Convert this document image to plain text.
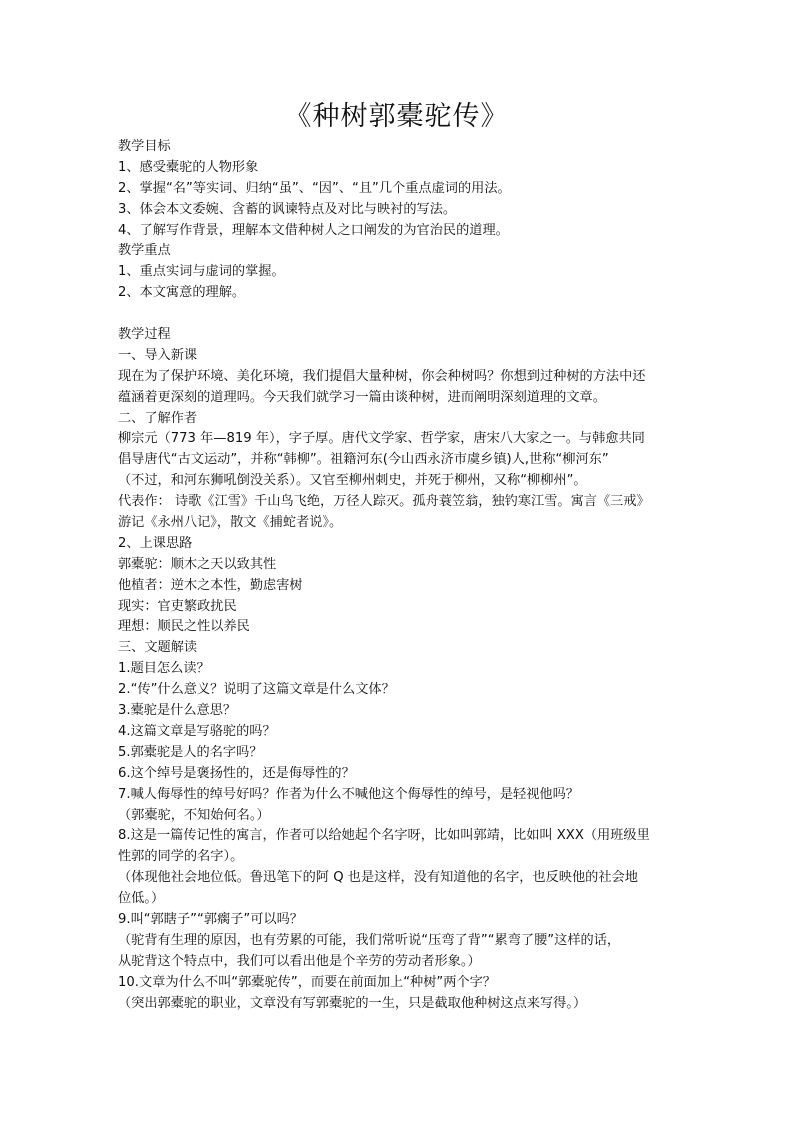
《种树郭橐驼传》
教学目标
1、感受橐驼的人物形象
2、掌握“名”等实词、归纳“虽”、“因”、“且”几个重点虚词的用法。
3、体会本文委婉、含蓄的讽谏特点及对比与映衬的写法。
4、了解写作背景，理解本文借种树人之口阐发的为官治民的道理。
教学重点
1、重点实词与虚词的掌握。
2、本文寓意的理解。
教学过程
一、导入新课
现在为了保护环境、美化环境，我们提倡大量种树，你会种树吗？你想到过种树的方法中还
蕴涵着更深刻的道理吗。今天我们就学习一篇由谈种树，进而阐明深刻道理的文章。
二、了解作者
柳宗元（773 年—819 年），字子厚。唐代文学家、哲学家，唐宋八大家之一。与韩愈共同
倡导唐代“古文运动”，并称“韩柳”。祖籍河东(今山西永济市虞乡镇)人,世称“柳河东”
（不过，和河东狮吼倒没关系）。又官至柳州刺史，并死于柳州，又称“柳柳州”。
代表作： 诗歌《江雪》千山鸟飞绝，万径人踪灭。孤舟蓑笠翁，独钓寒江雪。寓言《三戒》
游记《永州八记》，散文《捕蛇者说》。
2、上课思路
郭橐驼：顺木之天以致其性
他植者：逆木之本性，勤虑害树
现实：官吏繁政扰民
理想：顺民之性以养民
三、文题解读
1.题目怎么读？
2.“传”什么意义？说明了这篇文章是什么文体？
3.橐驼是什么意思？
4.这篇文章是写骆驼的吗？
5.郭橐驼是人的名字吗？
6.这个绰号是褒扬性的，还是侮辱性的？
7.喊人侮辱性的绰号好吗？作者为什么不喊他这个侮辱性的绰号，是轻视他吗？
（郭橐驼，不知始何名。）
8.这是一篇传记性的寓言，作者可以给她起个名字呀，比如叫郭靖，比如叫 XXX（用班级里
性郭的同学的名字）。
（体现他社会地位低。鲁迅笔下的阿 Q 也是这样，没有知道他的名字，也反映他的社会地
位低。）
9.叫“郭瞎子”“郭瘸子”可以吗？
（驼背有生理的原因，也有劳累的可能，我们常听说“压弯了背”“累弯了腰”这样的话，
从驼背这个特点中，我们可以看出他是个辛劳的劳动者形象。）
10.文章为什么不叫“郭橐驼传”，而要在前面加上“种树”两个字？
（突出郭橐驼的职业，文章没有写郭橐驼的一生，只是截取他种树这点来写得。）
